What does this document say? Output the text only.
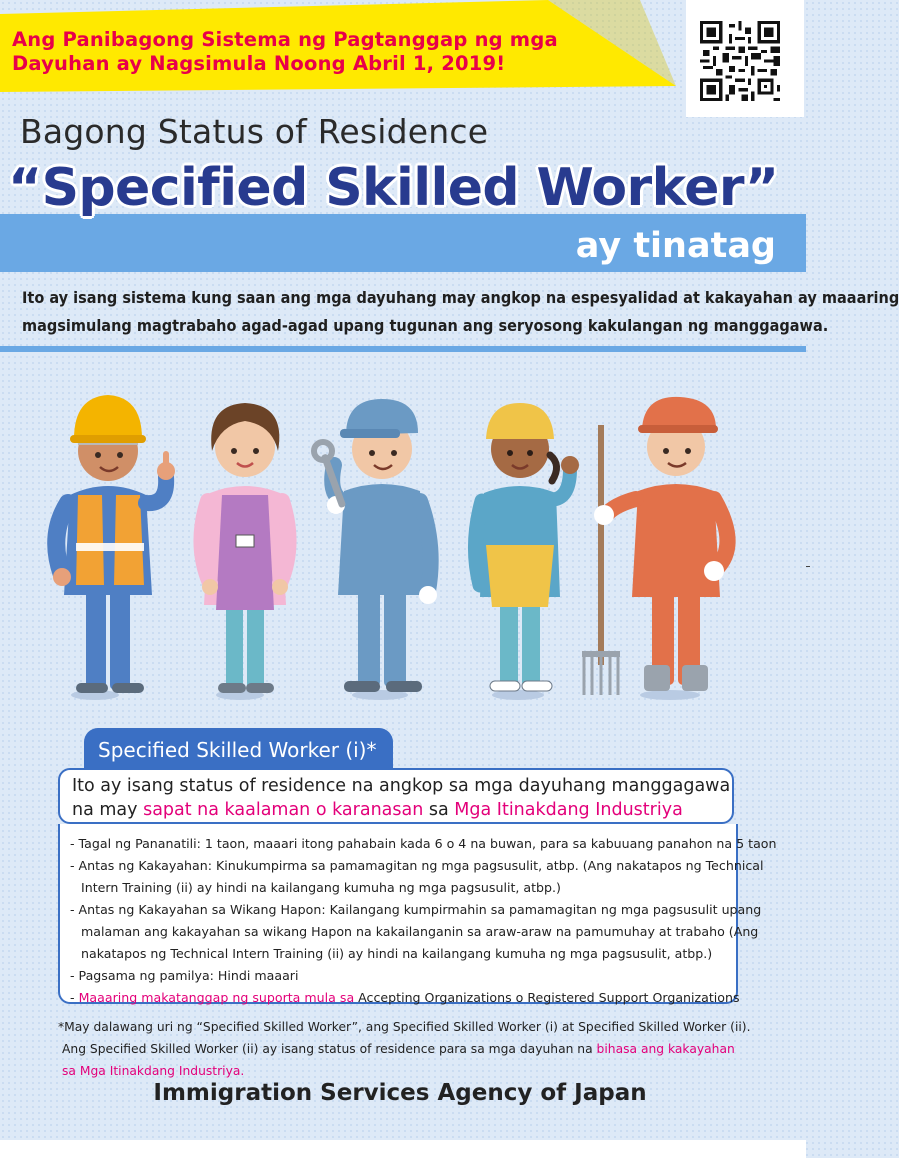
Ang Panibagong Sistema ng Pagtanggap ng mga
Dayuhan ay Nagsimula Noong Abril 1, 2019!
Bagong Status of Residence
“Specified Skilled Worker”
ay tinatag
Ito ay isang sistema kung saan ang mga dayuhang may angkop na espesyalidad at kakayahan ay maaaring
magsimulang magtrabaho agad-agad upang tugunan ang seryosong kakulangan ng manggagawa.
Specified Skilled Worker (i)*
Ito ay isang status of residence na angkop sa mga dayuhang manggagawa
na may sapat na kaalaman o karanasan sa Mga Itinakdang Industriya
- Tagal ng Pananatili: 1 taon, maaari itong pahabain kada 6 o 4 na buwan, para sa kabuuang panahon na 5 taon
- Antas ng Kakayahan: Kinukumpirma sa pamamagitan ng mga pagsusulit, atbp. (Ang nakatapos ng Technical
Intern Training (ii) ay hindi na kailangang kumuha ng mga pagsusulit, atbp.)
- Antas ng Kakayahan sa Wikang Hapon: Kailangang kumpirmahin sa pamamagitan ng mga pagsusulit upang
malaman ang kakayahan sa wikang Hapon na kakailanganin sa araw-araw na pamumuhay at trabaho (Ang
nakatapos ng Technical Intern Training (ii) ay hindi na kailangang kumuha ng mga pagsusulit, atbp.)
- Pagsama ng pamilya: Hindi maaari
- Maaaring makatanggap ng suporta mula sa Accepting Organizations o Registered Support Organizations
*May dalawang uri ng “Specified Skilled Worker”, ang Specified Skilled Worker (i) at Specified Skilled Worker (ii).
Ang Specified Skilled Worker (ii) ay isang status of residence para sa mga dayuhan na bihasa ang kakayahan
sa Mga Itinakdang Industriya.
Immigration Services Agency of Japan
